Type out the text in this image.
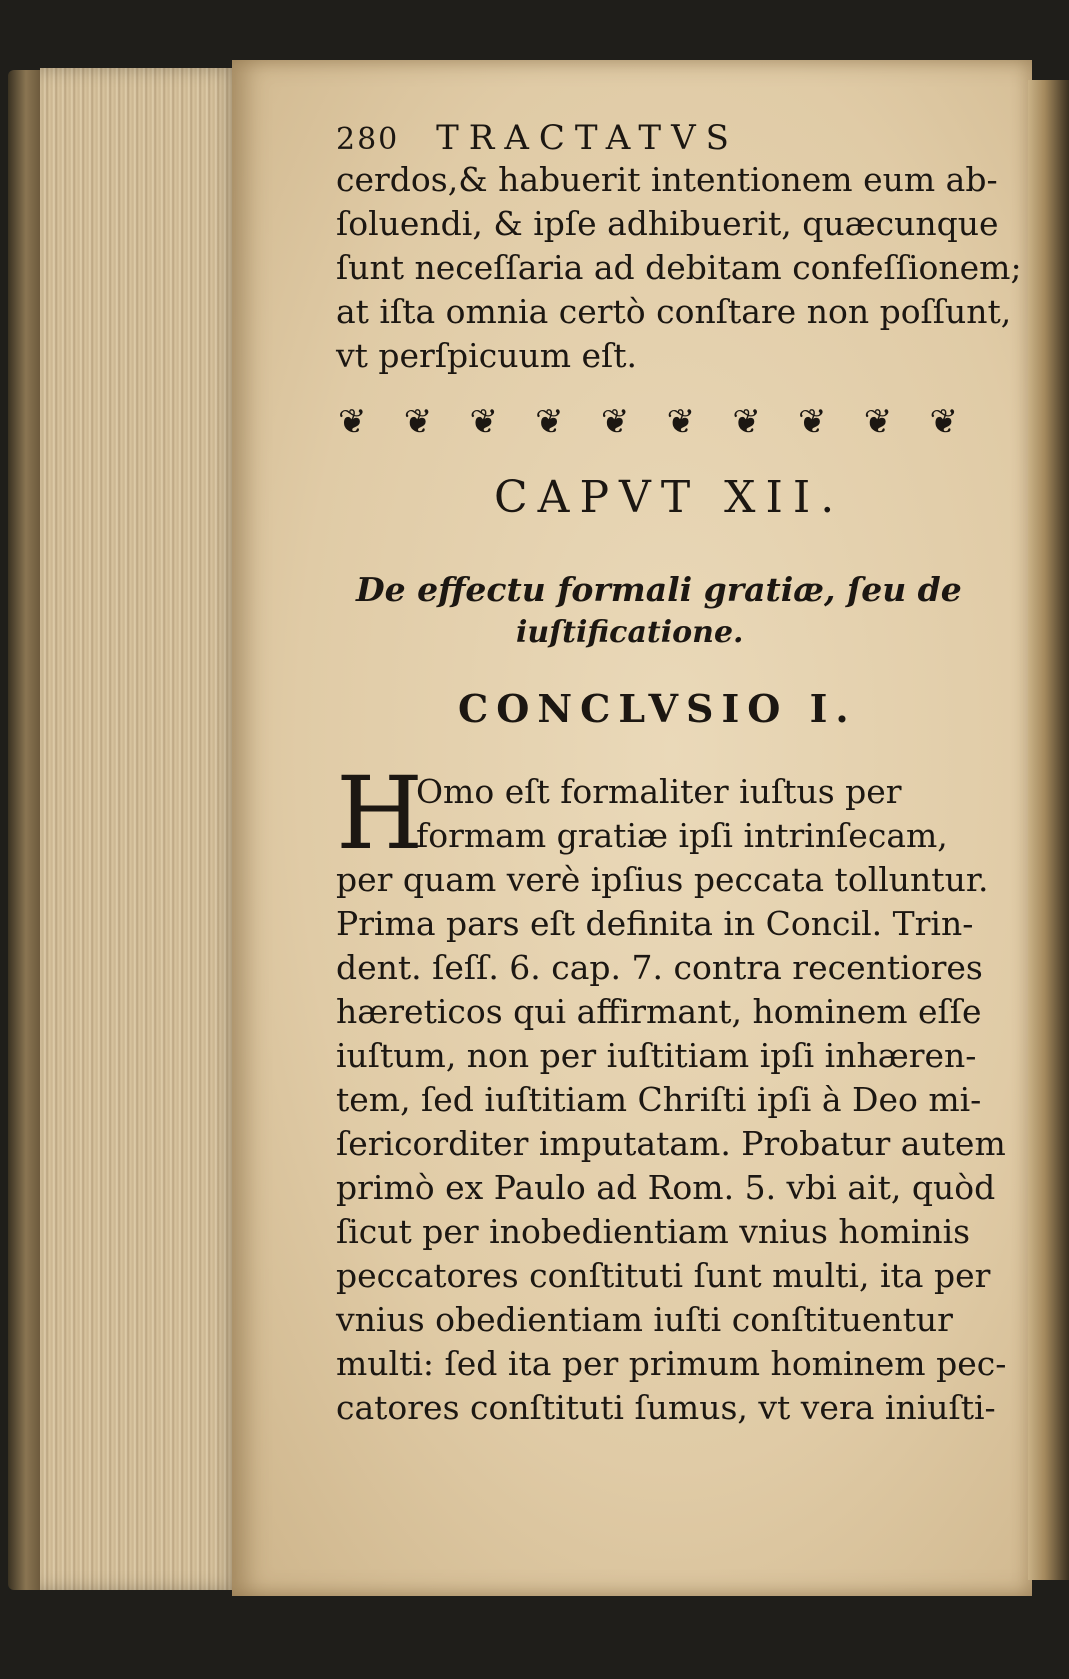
280 TRACTATVS
cerdos,& habuerit intentionem eum ab-
ſoluendi, & ipſe adhibuerit, quæcunque
ſunt neceſſaria ad debitam confeſſionem;
at iſta omnia certò conſtare non poſſunt,
vt perſpicuum eſt.
❦ ❦ ❦ ❦ ❦ ❦ ❦ ❦ ❦ ❦
CAPVT XII.
De effectu formali gratiæ, ſeu de
iuſtificatione.
CONCLVSIO I.
H
Omo eſt formaliter iuſtus per
formam gratiæ ipſi intrinſecam,
per quam verè ipſius peccata tolluntur.
Prima pars eſt definita in Concil. Trin-
dent. ſeſſ. 6. cap. 7. contra recentiores
hæreticos qui affirmant, hominem eſſe
iuſtum, non per iuſtitiam ipſi inhæren-
tem, ſed iuſtitiam Chriſti ipſi à Deo mi-
ſericorditer imputatam. Probatur autem
primò ex Paulo ad Rom. 5. vbi ait, quòd
ſicut per inobedientiam vnius hominis
peccatores conſtituti ſunt multi, ita per
vnius obedientiam iuſti conſtituentur
multi: ſed ita per primum hominem pec-
catores conſtituti ſumus, vt vera iniuſti-
